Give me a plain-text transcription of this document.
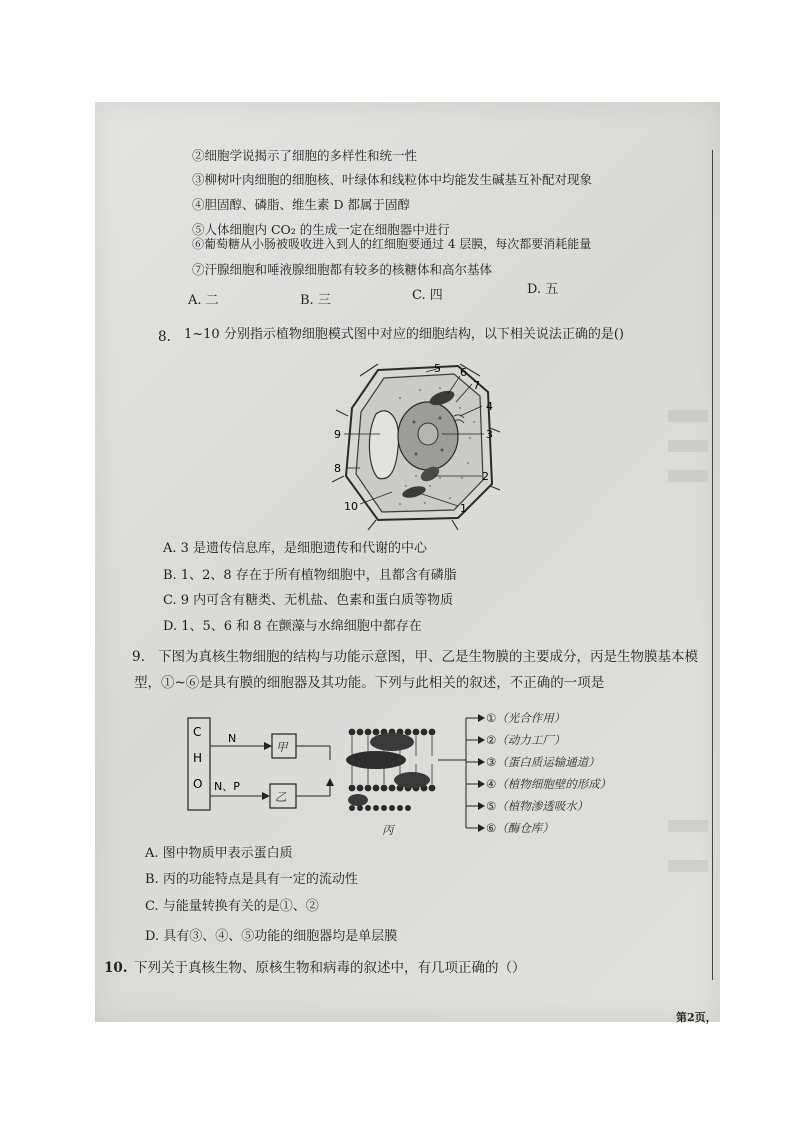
②细胞学说揭示了细胞的多样性和统一性
③柳树叶肉细胞的细胞核、叶绿体和线粒体中均能发生碱基互补配对现象
④胆固醇、磷脂、维生素 D 都属于固醇
⑤人体细胞内 CO₂ 的生成一定在细胞器中进行
⑥葡萄糖从小肠被吸收进入到人的红细胞要通过 4 层膜，每次都要消耗能量
⑦汗腺细胞和唾液腺细胞都有较多的核糖体和高尔基体
A. 二	B. 三	C. 四	D. 五
8. 1~10 分别指示植物细胞模式图中对应的细胞结构，以下相关说法正确的是()
5 6
7
4
3
2
1
9
8
10
A. 3 是遗传信息库，是细胞遗传和代谢的中心
B. 1、2、8 存在于所有植物细胞中，且都含有磷脂
C. 9 内可含有糖类、无机盐、色素和蛋白质等物质
D. 1、5、6 和 8 在颤藻与水绵细胞中都存在
9. 下图为真核生物细胞的结构与功能示意图，甲、乙是生物膜的主要成分，丙是生物膜基本模
型，①~⑥是具有膜的细胞器及其功能。下列与此相关的叙述，不正确的一项是
C
H
O
N
N、P
甲
乙
丙
①（光合作用）
②（动力工厂）
③（蛋白质运输通道）
④（植物细胞壁的形成）
⑤（植物渗透吸水）
⑥（酶仓库）
A. 图中物质甲表示蛋白质
B. 丙的功能特点是具有一定的流动性
C. 与能量转换有关的是①、②
D. 具有③、④、⑤功能的细胞器均是单层膜
10. 下列关于真核生物、原核生物和病毒的叙述中，有几项正确的（）
第2页，
